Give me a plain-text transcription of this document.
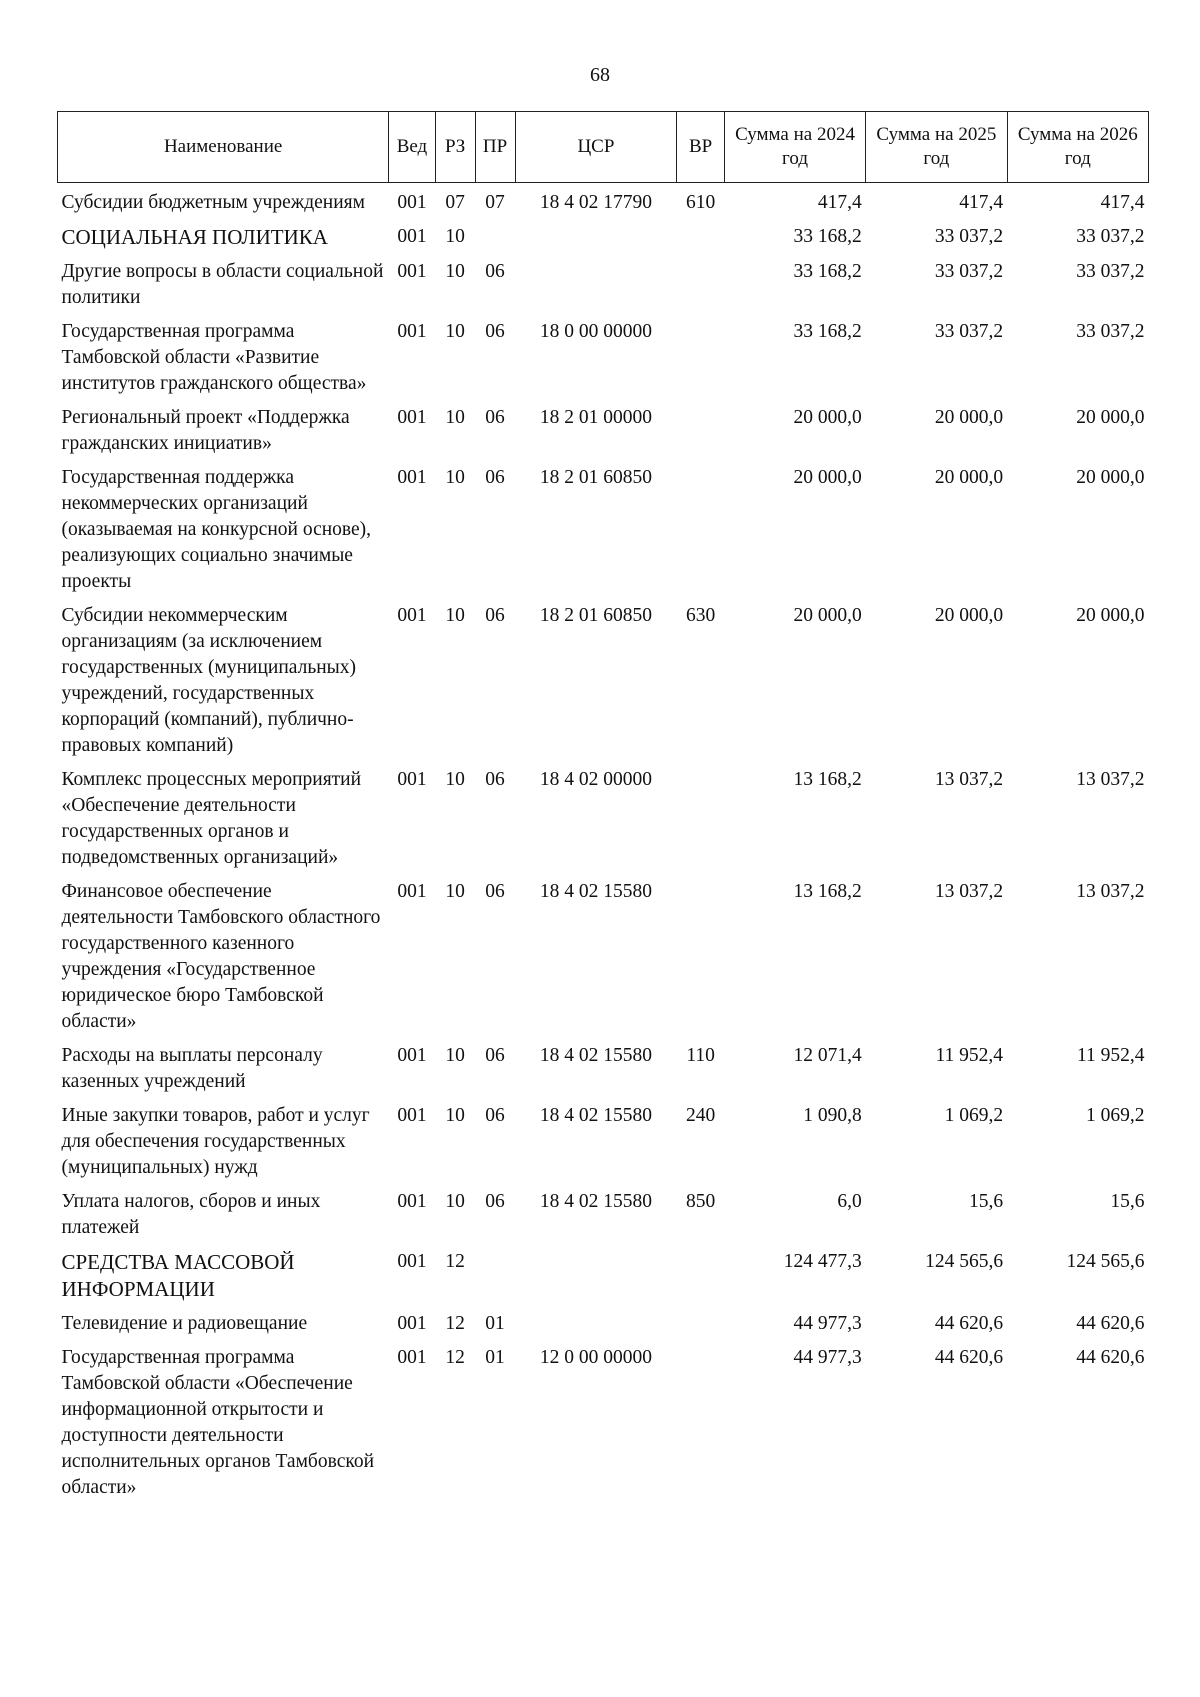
68
Наименование	Вед	РЗ	ПР	ЦСР	ВР	Сумма на 2024 год	Сумма на 2025 год	Сумма на 2026 год
Субсидии бюджетным учреждениям	001	07	07	18 4 02 17790	610	417,4	417,4	417,4
СОЦИАЛЬНАЯ ПОЛИТИКА	001	10				33 168,2	33 037,2	33 037,2
Другие вопросы в области социальной политики	001	10	06			33 168,2	33 037,2	33 037,2
Государственная программа Тамбовской области «Развитие институтов гражданского общества»	001	10	06	18 0 00 00000		33 168,2	33 037,2	33 037,2
Региональный проект «Поддержка гражданских инициатив»	001	10	06	18 2 01 00000		20 000,0	20 000,0	20 000,0
Государственная поддержка некоммерческих организаций (оказываемая на конкурсной основе), реализующих социально значимые проекты	001	10	06	18 2 01 60850		20 000,0	20 000,0	20 000,0
Субсидии некоммерческим организациям (за исключением государственных (муниципальных) учреждений, государственных корпораций (компаний), публично-правовых компаний)	001	10	06	18 2 01 60850	630	20 000,0	20 000,0	20 000,0
Комплекс процессных мероприятий «Обеспечение деятельности государственных органов и подведомственных организаций»	001	10	06	18 4 02 00000		13 168,2	13 037,2	13 037,2
Финансовое обеспечение деятельности Тамбовского областного государственного казенного учреждения «Государственное юридическое бюро Тамбовской области»	001	10	06	18 4 02 15580		13 168,2	13 037,2	13 037,2
Расходы на выплаты персоналу казенных учреждений	001	10	06	18 4 02 15580	110	12 071,4	11 952,4	11 952,4
Иные закупки товаров, работ и услуг для обеспечения государственных (муниципальных) нужд	001	10	06	18 4 02 15580	240	1 090,8	1 069,2	1 069,2
Уплата налогов, сборов и иных платежей	001	10	06	18 4 02 15580	850	6,0	15,6	15,6
СРЕДСТВА МАССОВОЙ ИНФОРМАЦИИ	001	12				124 477,3	124 565,6	124 565,6
Телевидение и радиовещание	001	12	01			44 977,3	44 620,6	44 620,6
Государственная программа Тамбовской области «Обеспечение информационной открытости и доступности деятельности исполнительных органов Тамбовской области»	001	12	01	12 0 00 00000		44 977,3	44 620,6	44 620,6
